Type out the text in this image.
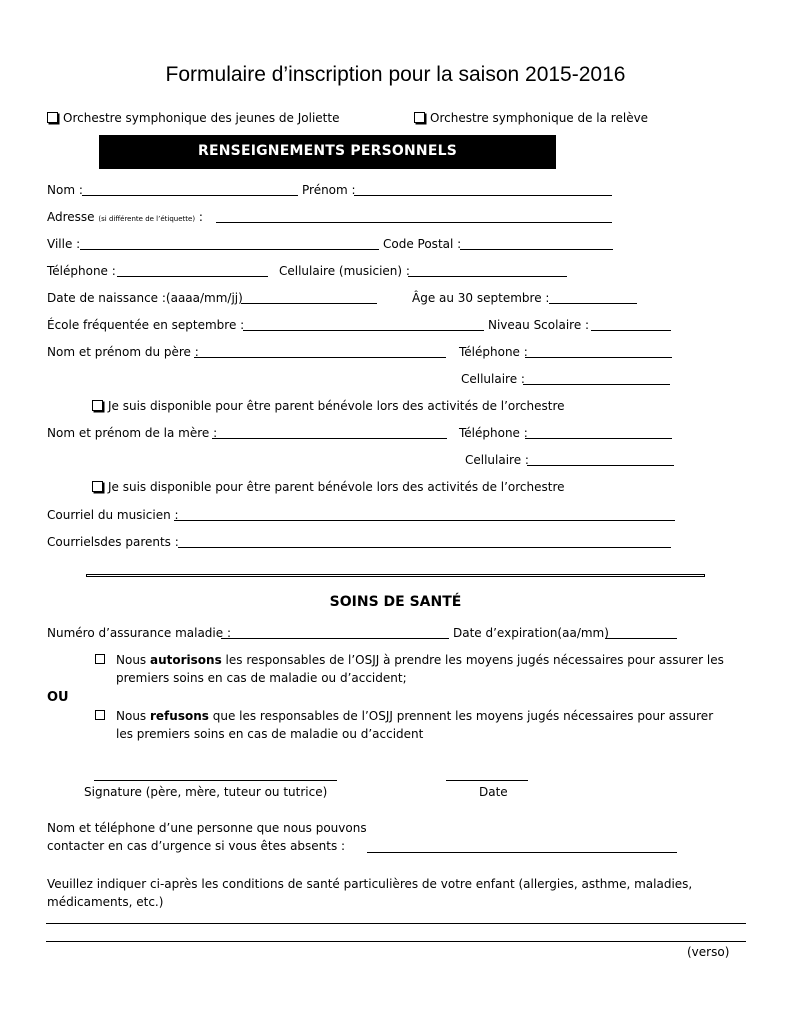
Formulaire d’inscription pour la saison 2015-2016
Orchestre symphonique des jeunes de Joliette	Orchestre symphonique de la relève
RENSEIGNEMENTS PERSONNELS
Nom :	Prénom :
Adresse (si différente de l’étiquette) :
Ville :	Code Postal :
Téléphone :	Cellulaire (musicien) :
Date de naissance :(aaaa/mm/jj)	Âge au 30 septembre :
École fréquentée en septembre :	Niveau Scolaire :
Nom et prénom du père :	Téléphone :
Cellulaire :
Je suis disponible pour être parent bénévole lors des activités de l’orchestre
Nom et prénom de la mère :	Téléphone :
Cellulaire :
Je suis disponible pour être parent bénévole lors des activités de l’orchestre
Courriel du musicien :
Courrielsdes parents :
SOINS DE SANTÉ
Numéro d’assurance maladie :	Date d’expiration(aa/mm)
Nous autorisons les responsables de l’OSJJ à prendre les moyens jugés nécessaires pour assurer les premiers soins en cas de maladie ou d’accident;
OU
Nous refusons que les responsables de l’OSJJ prennent les moyens jugés nécessaires pour assurer les premiers soins en cas de maladie ou d’accident
Signature (père, mère, tuteur ou tutrice)	Date
Nom et téléphone d’une personne que nous pouvons
contacter en cas d’urgence si vous êtes absents :
Veuillez indiquer ci-après les conditions de santé particulières de votre enfant (allergies, asthme, maladies, médicaments, etc.)
(verso)
